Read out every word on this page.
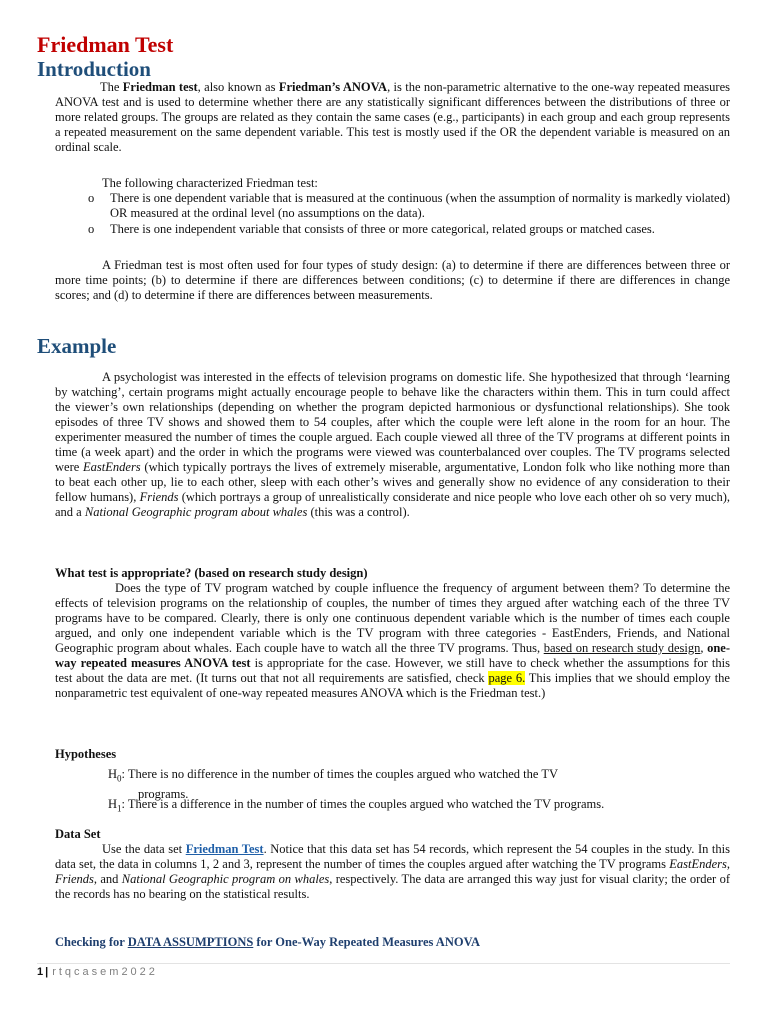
Friedman Test
Introduction

The Friedman test, also known as Friedman’s ANOVA, is the non-parametric alternative to the one-way repeated measures ANOVA test and is used to determine whether there are any statistically significant differences between the distributions of three or more related groups. The groups are related as they contain the same cases (e.g., participants) in each group and each group represents a repeated measurement on the same dependent variable. This test is mostly used if the OR the dependent variable is measured on an ordinal scale.

The following characterized Friedman test:

o There is one dependent variable that is measured at the continuous (when the assumption of normality is markedly violated) OR measured at the ordinal level (no assumptions on the data).
o There is one independent variable that consists of three or more categorical, related groups or matched cases.

A Friedman test is most often used for four types of study design: (a) to determine if there are differences between three or more time points; (b) to determine if there are differences between conditions; (c) to determine if there are differences in change scores; and (d) to determine if there are differences between measurements.

Example

A psychologist was interested in the effects of television programs on domestic life. She hypothesized that through ‘learning by watching’, certain programs might actually encourage people to behave like the characters within them. This in turn could affect the viewer’s own relationships (depending on whether the program depicted harmonious or dysfunctional relationships). She took episodes of three TV shows and showed them to 54 couples, after which the couple were left alone in the room for an hour. The experimenter measured the number of times the couple argued. Each couple viewed all three of the TV programs at different points in time (a week apart) and the order in which the programs were viewed was counterbalanced over couples. The TV programs selected were EastEnders (which typically portrays the lives of extremely miserable, argumentative, London folk who like nothing more than to beat each other up, lie to each other, sleep with each other’s wives and generally show no evidence of any consideration to their fellow humans), Friends (which portrays a group of unrealistically considerate and nice people who love each other oh so very much), and a National Geographic program about whales (this was a control).

What test is appropriate? (based on research study design)

Does the type of TV program watched by couple influence the frequency of argument between them? To determine the effects of television programs on the relationship of couples, the number of times they argued after watching each of the three TV programs have to be compared. Clearly, there is only one continuous dependent variable which is the number of times each couple argued, and only one independent variable which is the TV program with three categories - EastEnders, Friends, and National Geographic program about whales. Each couple have to watch all the three TV programs. Thus, based on research study design, one-way repeated measures ANOVA test is appropriate for the case. However, we still have to check whether the assumptions for this test about the data are met. (It turns out that not all requirements are satisfied, check page 6. This implies that we should employ the nonparametric test equivalent of one-way repeated measures ANOVA which is the Friedman test.)

Hypotheses

$H_0$: There is no difference in the number of times the couples argued who watched the TV
programs.
$H_1$: There is a difference in the number of times the couples argued who watched the TV programs.

Data Set

Use the data set Friedman Test. Notice that this data set has 54 records, which represent the 54 couples in the study. In this data set, the data in columns 1, 2 and 3, represent the number of times the couples argued after watching the TV programs EastEnders, Friends, and National Geographic program on whales, respectively. The data are arranged this way just for visual clarity; the order of the records has no bearing on the statistical results.

Checking for DATA ASSUMPTIONS for One-Way Repeated Measures ANOVA

1 | rtqcasem2022
